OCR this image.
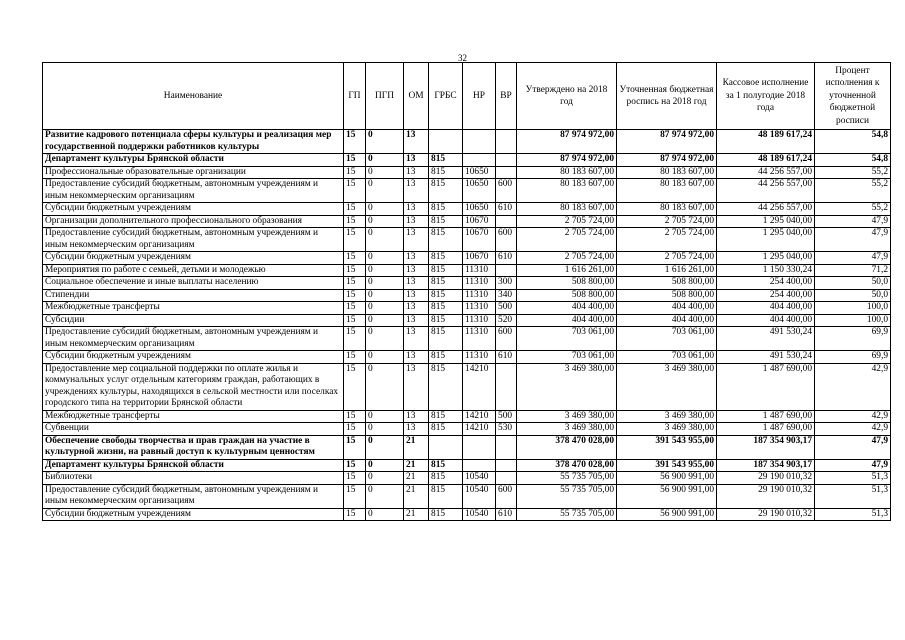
32
Наименование	ГП	ПГП	ОМ	ГРБС	НР	ВР	Утверждено на 2018 год	Уточненная бюджетная роспись на 2018 год	Кассовое исполнение за 1 полугодие 2018 года	Процент исполнения к уточненной бюджетной росписи
Развитие кадрового потенциала сферы культуры и реализация мер государственной поддержки работников культуры	15	0	13				87 974 972,00	87 974 972,00	48 189 617,24	54,8
Департамент культуры Брянской области	15	0	13	815			87 974 972,00	87 974 972,00	48 189 617,24	54,8
Профессиональные образовательные организации	15	0	13	815	10650		80 183 607,00	80 183 607,00	44 256 557,00	55,2
Предоставление субсидий бюджетным, автономным учреждениям и иным некоммерческим организациям	15	0	13	815	10650	600	80 183 607,00	80 183 607,00	44 256 557,00	55,2
Субсидии бюджетным учреждениям	15	0	13	815	10650	610	80 183 607,00	80 183 607,00	44 256 557,00	55,2
Организации дополнительного профессионального образования	15	0	13	815	10670		2 705 724,00	2 705 724,00	1 295 040,00	47,9
Предоставление субсидий бюджетным, автономным учреждениям и иным некоммерческим организациям	15	0	13	815	10670	600	2 705 724,00	2 705 724,00	1 295 040,00	47,9
Субсидии бюджетным учреждениям	15	0	13	815	10670	610	2 705 724,00	2 705 724,00	1 295 040,00	47,9
Мероприятия по работе с семьей, детьми и молодежью	15	0	13	815	11310		1 616 261,00	1 616 261,00	1 150 330,24	71,2
Социальное обеспечение и иные выплаты населению	15	0	13	815	11310	300	508 800,00	508 800,00	254 400,00	50,0
Стипендии	15	0	13	815	11310	340	508 800,00	508 800,00	254 400,00	50,0
Межбюджетные трансферты	15	0	13	815	11310	500	404 400,00	404 400,00	404 400,00	100,0
Субсидии	15	0	13	815	11310	520	404 400,00	404 400,00	404 400,00	100,0
Предоставление субсидий бюджетным, автономным учреждениям и иным некоммерческим организациям	15	0	13	815	11310	600	703 061,00	703 061,00	491 530,24	69,9
Субсидии бюджетным учреждениям	15	0	13	815	11310	610	703 061,00	703 061,00	491 530,24	69,9
Предоставление мер социальной поддержки по оплате жилья и коммунальных услуг отдельным категориям граждан, работающих в учреждениях культуры, находящихся в сельской местности или поселках городского типа на территории Брянской области	15	0	13	815	14210		3 469 380,00	3 469 380,00	1 487 690,00	42,9
Межбюджетные трансферты	15	0	13	815	14210	500	3 469 380,00	3 469 380,00	1 487 690,00	42,9
Субвенции	15	0	13	815	14210	530	3 469 380,00	3 469 380,00	1 487 690,00	42,9
Обеспечение свободы творчества и прав граждан на участие в культурной жизни, на равный доступ к культурным ценностям	15	0	21				378 470 028,00	391 543 955,00	187 354 903,17	47,9
Департамент культуры Брянской области	15	0	21	815			378 470 028,00	391 543 955,00	187 354 903,17	47,9
Библиотеки	15	0	21	815	10540		55 735 705,00	56 900 991,00	29 190 010,32	51,3
Предоставление субсидий бюджетным, автономным учреждениям и иным некоммерческим организациям	15	0	21	815	10540	600	55 735 705,00	56 900 991,00	29 190 010,32	51,3
Субсидии бюджетным учреждениям	15	0	21	815	10540	610	55 735 705,00	56 900 991,00	29 190 010,32	51,3
